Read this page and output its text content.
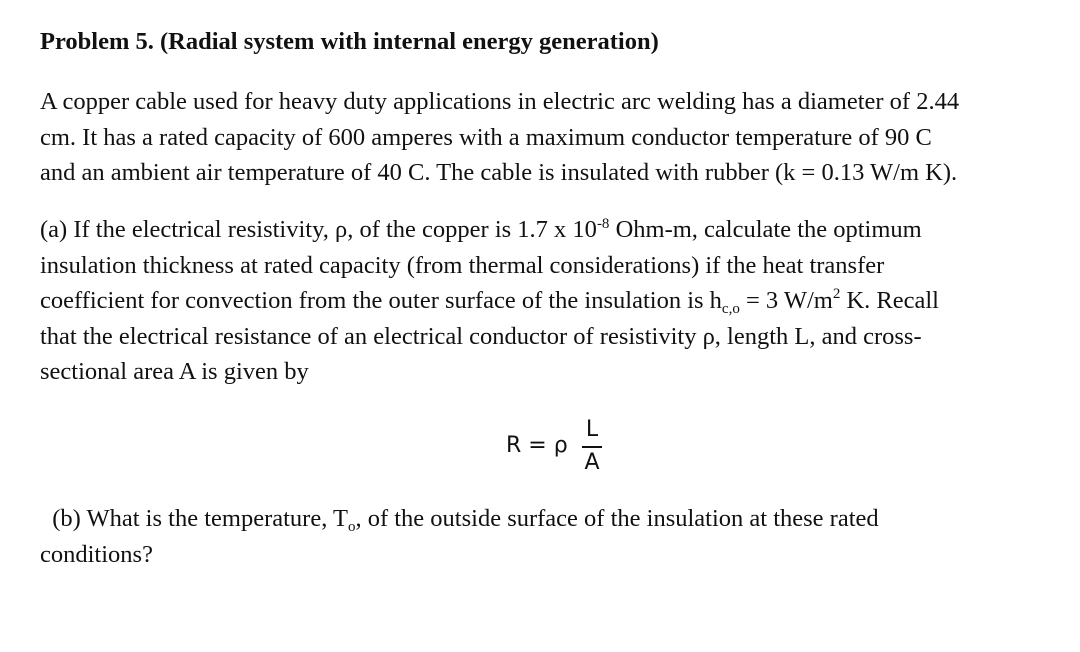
Problem 5. (Radial system with internal energy generation)
A copper cable used for heavy duty applications in electric arc welding has a diameter of 2.44
cm. It has a rated capacity of 600 amperes with a maximum conductor temperature of 90 C
and an ambient air temperature of 40 C. The cable is insulated with rubber (k = 0.13 W/m K).
(a) If the electrical resistivity, ρ, of the copper is 1.7 x $10^{-8}$ Ohm-m, calculate the optimum
insulation thickness at rated capacity (from thermal considerations) if the heat transfer
coefficient for convection from the outer surface of the insulation is $h_{c,o} = 3$ $W/m^2$ K. Recall
that the electrical resistance of an electrical conductor of resistivity ρ, length L, and cross-
sectional area A is given by
R = ρ
L
A
(b) What is the temperature, $T_o$, of the outside surface of the insulation at these rated
conditions?
